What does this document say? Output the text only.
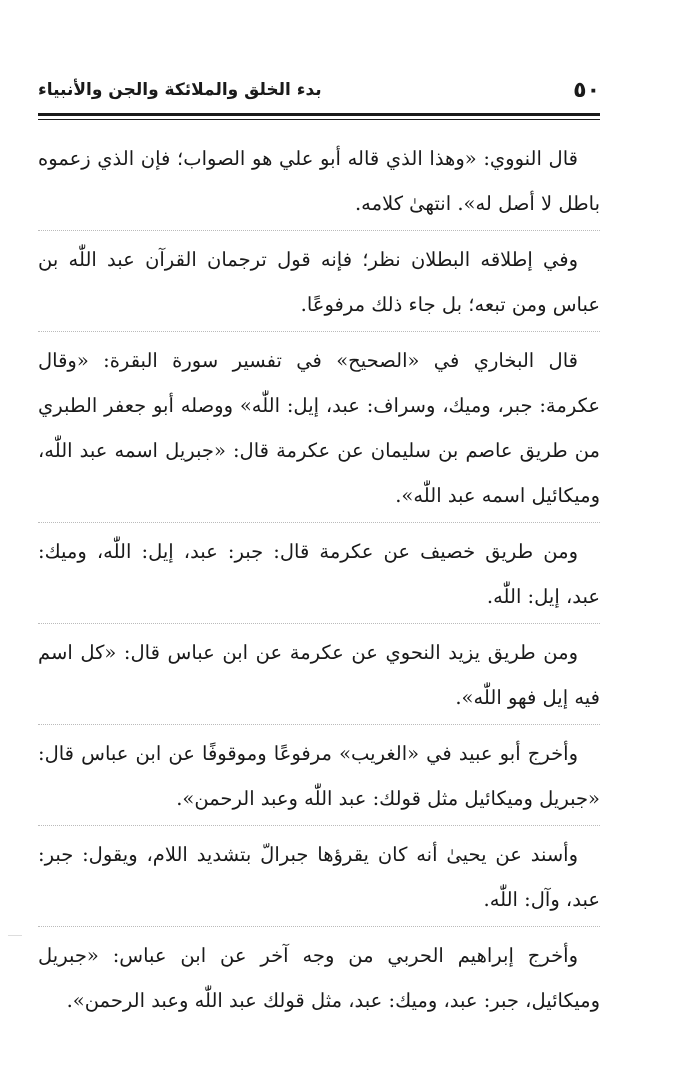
٥٠
بدء الخلق والملائكة والجن والأنبياء

قال النووي: «وهذا الذي قاله أبو علي هو الصواب؛ فإن الذي زعموه باطل لا أصل له». انتهىٰ كلامه.

وفي إطلاقه البطلان نظر؛ فإنه قول ترجمان القرآن عبد اللّٰه بن عباس ومن تبعه؛ بل جاء ذلك مرفوعًا.

قال البخاري في «الصحيح» في تفسير سورة البقرة: «وقال عكرمة: جبر، وميك، وسراف: عبد، إيل: اللّٰه» ووصله أبو جعفر الطبري من طريق عاصم بن سليمان عن عكرمة قال: «جبريل اسمه عبد اللّٰه، وميكائيل اسمه عبد اللّٰه».

ومن طريق خصيف عن عكرمة قال: جبر: عبد، إيل: اللّٰه، وميك: عبد، إيل: اللّٰه.

ومن طريق يزيد النحوي عن عكرمة عن ابن عباس قال: «كل اسم فيه إيل فهو اللّٰه».

وأخرج أبو عبيد في «الغريب» مرفوعًا وموقوفًا عن ابن عباس قال: «جبريل وميكائيل مثل قولك: عبد اللّٰه وعبد الرحمن».

وأسند عن يحيىٰ أنه كان يقرؤها جبرالّ بتشديد اللام، ويقول: جبر: عبد، وآل: اللّٰه.

وأخرج إبراهيم الحربي من وجه آخر عن ابن عباس: «جبريل وميكائيل، جبر: عبد، وميك: عبد، مثل قولك عبد اللّٰه وعبد الرحمن».
